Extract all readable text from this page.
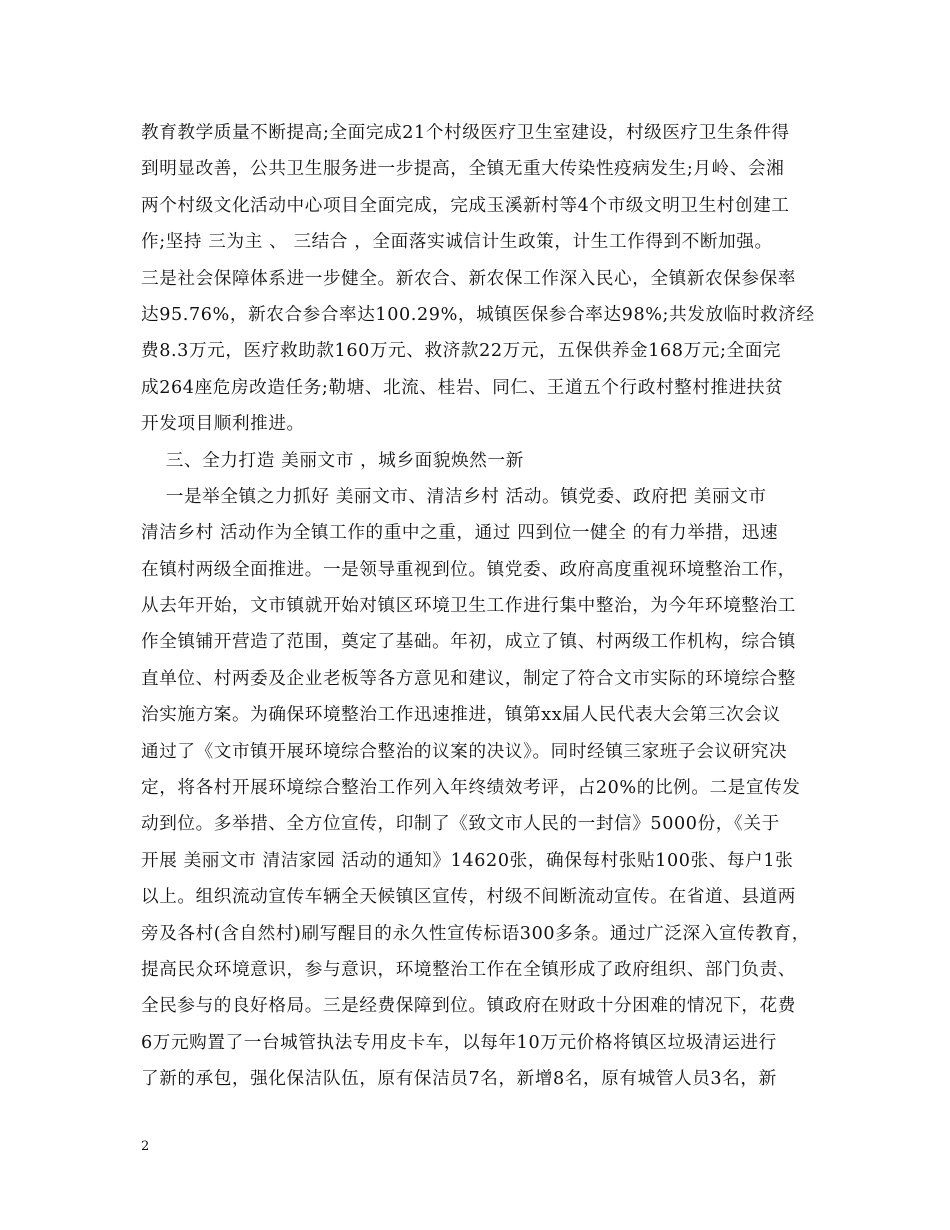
教育教学质量不断提高;全面完成21个村级医疗卫生室建设，村级医疗卫生条件得
到明显改善，公共卫生服务进一步提高，全镇无重大传染性疫病发生;月岭、会湘
两个村级文化活动中心项目全面完成，完成玉溪新村等4个市级文明卫生村创建工
作;坚持 三为主 、 三结合 ，全面落实诚信计生政策，计生工作得到不断加强。
三是社会保障体系进一步健全。新农合、新农保工作深入民心，全镇新农保参保率
达95.76%，新农合参合率达100.29%，城镇医保参合率达98%;共发放临时救济经
费8.3万元，医疗救助款160万元、救济款22万元，五保供养金168万元;全面完
成264座危房改造任务;勒塘、北流、桂岩、同仁、王道五个行政村整村推进扶贫
开发项目顺利推进。
三、全力打造 美丽文市 ，城乡面貌焕然一新
一是举全镇之力抓好 美丽文市、清洁乡村 活动。镇党委、政府把 美丽文市
清洁乡村 活动作为全镇工作的重中之重，通过 四到位一健全 的有力举措，迅速
在镇村两级全面推进。一是领导重视到位。镇党委、政府高度重视环境整治工作，
从去年开始，文市镇就开始对镇区环境卫生工作进行集中整治，为今年环境整治工
作全镇铺开营造了范围，奠定了基础。年初，成立了镇、村两级工作机构，综合镇
直单位、村两委及企业老板等各方意见和建议，制定了符合文市实际的环境综合整
治实施方案。为确保环境整治工作迅速推进，镇第xx届人民代表大会第三次会议
通过了《文市镇开展环境综合整治的议案的决议》。同时经镇三家班子会议研究决
定，将各村开展环境综合整治工作列入年终绩效考评，占20%的比例。二是宣传发
动到位。多举措、全方位宣传，印制了《致文市人民的一封信》5000份，《关于
开展 美丽文市 清洁家园 活动的通知》14620张，确保每村张贴100张、每户1张
以上。组织流动宣传车辆全天候镇区宣传，村级不间断流动宣传。在省道、县道两
旁及各村(含自然村)刷写醒目的永久性宣传标语300多条。通过广泛深入宣传教育，
提高民众环境意识，参与意识，环境整治工作在全镇形成了政府组织、部门负责、
全民参与的良好格局。三是经费保障到位。镇政府在财政十分困难的情况下，花费
6万元购置了一台城管执法专用皮卡车，以每年10万元价格将镇区垃圾清运进行
了新的承包，强化保洁队伍，原有保洁员7名，新增8名，原有城管人员3名，新
2
